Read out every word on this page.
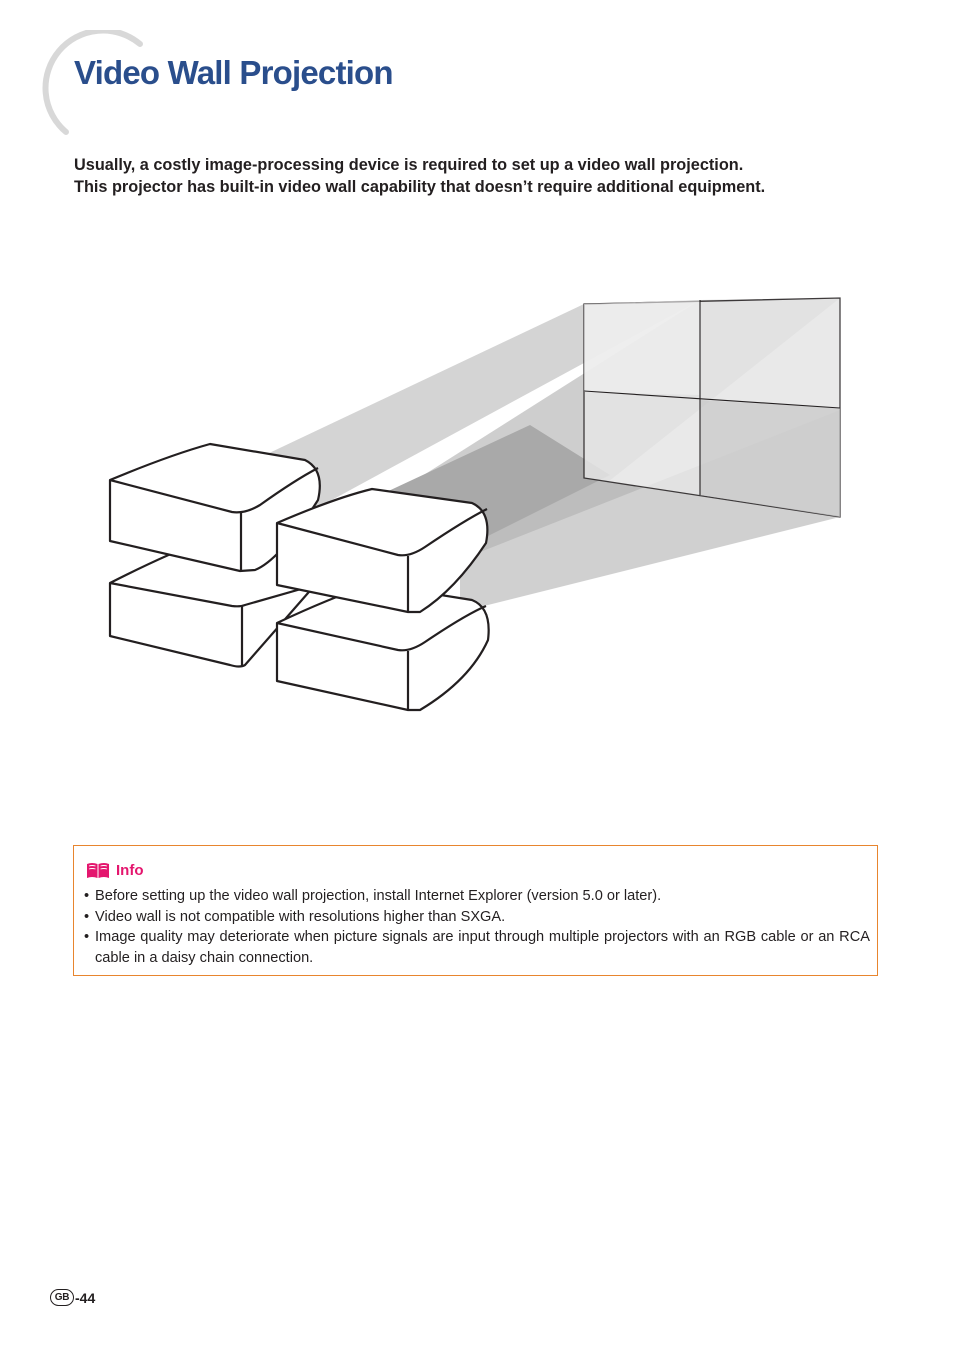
Video Wall Projection
Usually, a costly image-processing device is required to set up a video wall projection.
This projector has built-in video wall capability that doesn’t require additional equipment.
Info
• Before setting up the video wall projection, install Internet Explorer (version 5.0 or later).
• Video wall is not compatible with resolutions higher than SXGA.
• Image quality may deteriorate when picture signals are input through multiple projectors with an RGB cable or an RCA cable in a daisy chain connection.
GB -44
